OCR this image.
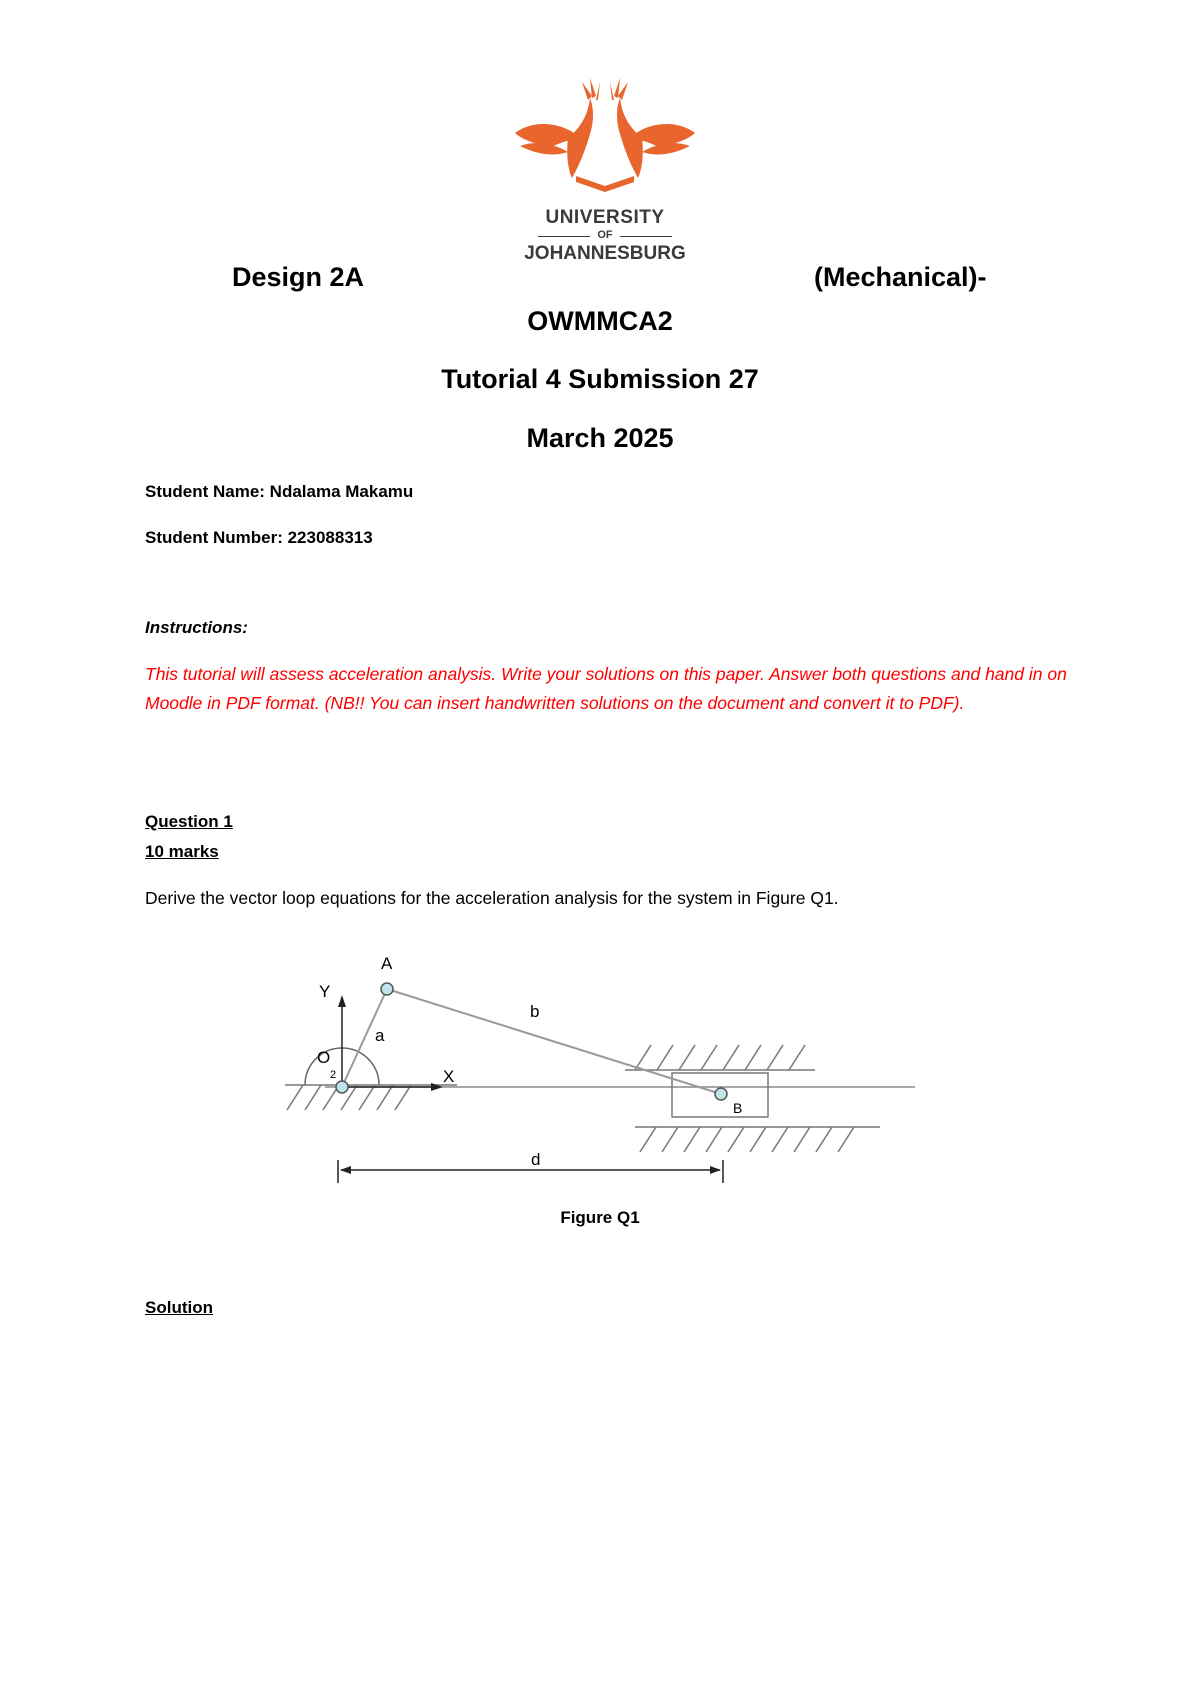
UNIVERSITY
OF
JOHANNESBURG
Design 2A	(Mechanical)-
OWMMCA2
Tutorial 4 Submission 27
March 2025
Student Name: Ndalama Makamu
Student Number: 223088313
Instructions:
This tutorial will assess acceleration analysis. Write your solutions on this paper. Answer both questions and hand in on Moodle in PDF format. (NB!! You can insert handwritten solutions on the document and convert it to PDF).
Question 1
10 marks
Derive the vector loop equations for the acceleration analysis for the system in Figure Q1.
A
Y
a
b
O
2	X
B
d
Figure Q1
Solution
